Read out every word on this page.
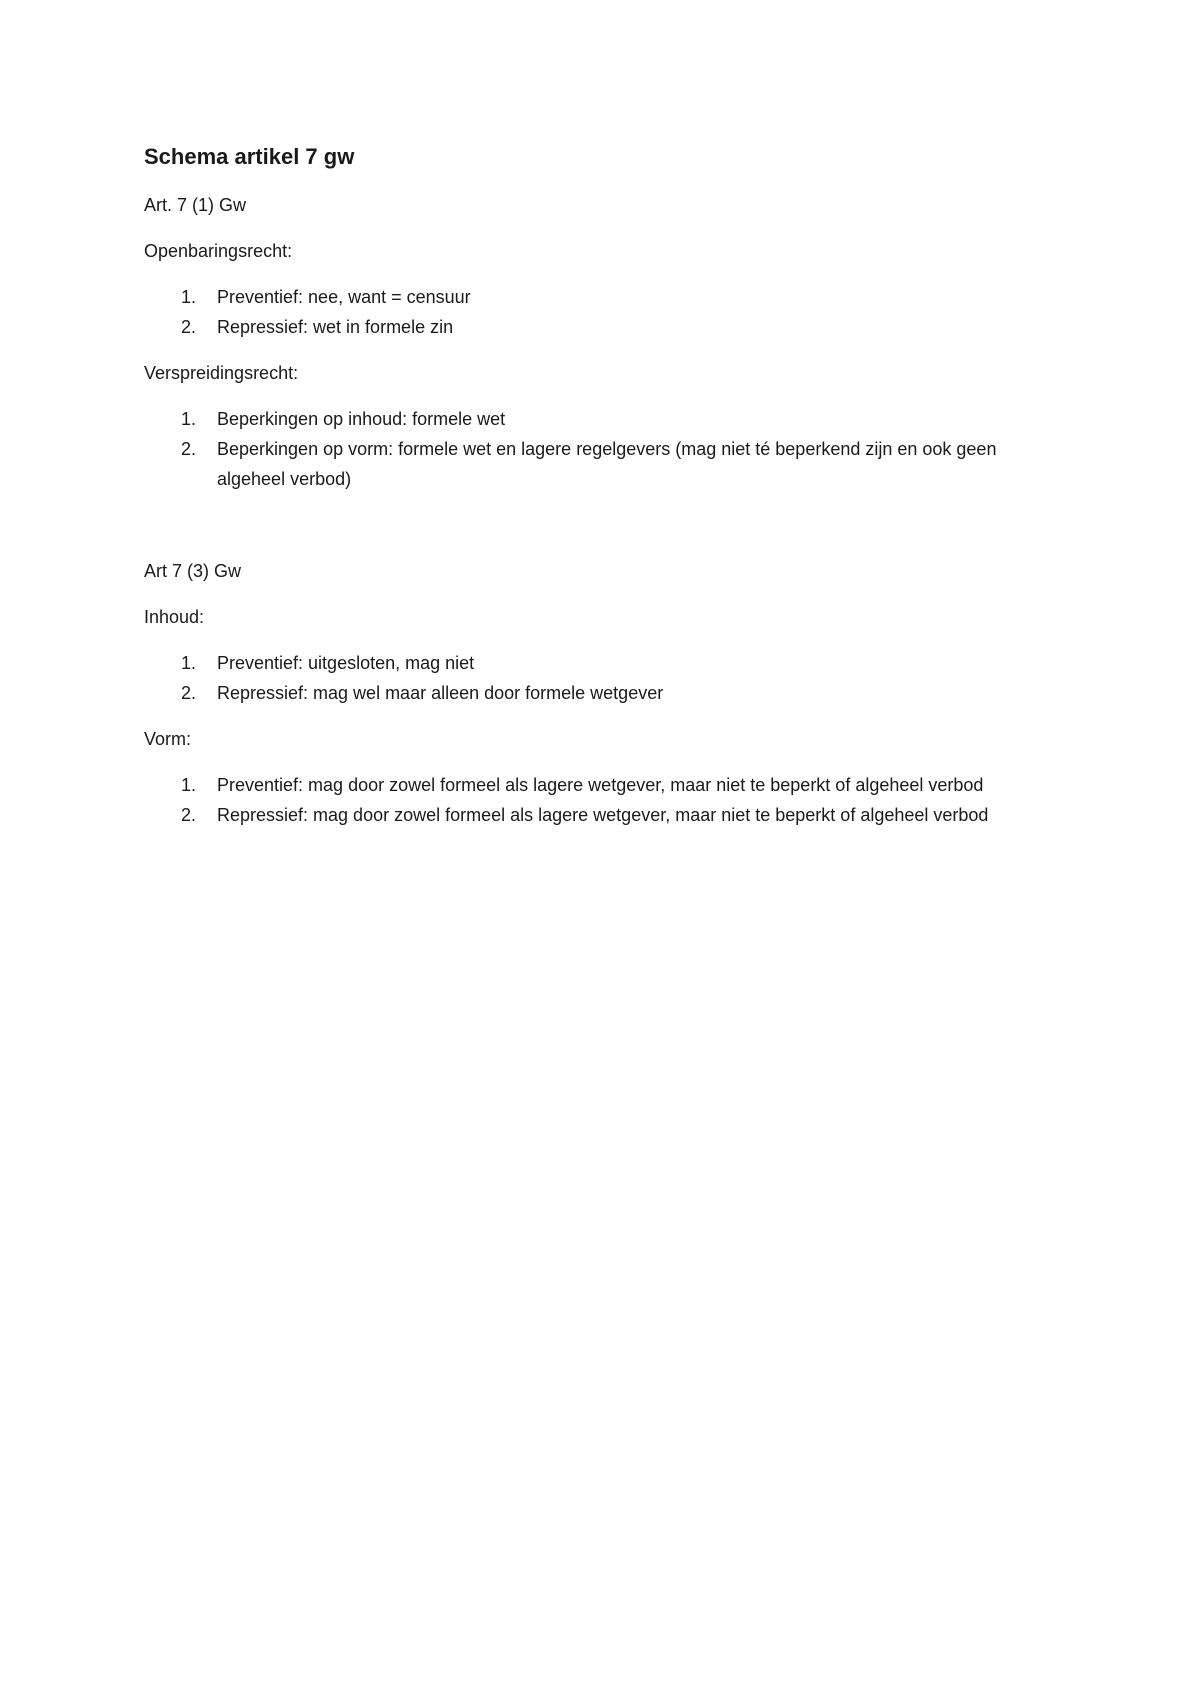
Schema artikel 7 gw
Art. 7 (1) Gw
Openbaringsrecht:
1. Preventief: nee, want = censuur
2. Repressief: wet in formele zin
Verspreidingsrecht:
1. Beperkingen op inhoud: formele wet
2. Beperkingen op vorm: formele wet en lagere regelgevers (mag niet té beperkend zijn en ook geen algeheel verbod)
Art 7 (3) Gw
Inhoud:
1. Preventief: uitgesloten, mag niet
2. Repressief: mag wel maar alleen door formele wetgever
Vorm:
1. Preventief: mag door zowel formeel als lagere wetgever, maar niet te beperkt of algeheel verbod
2. Repressief: mag door zowel formeel als lagere wetgever, maar niet te beperkt of algeheel verbod
